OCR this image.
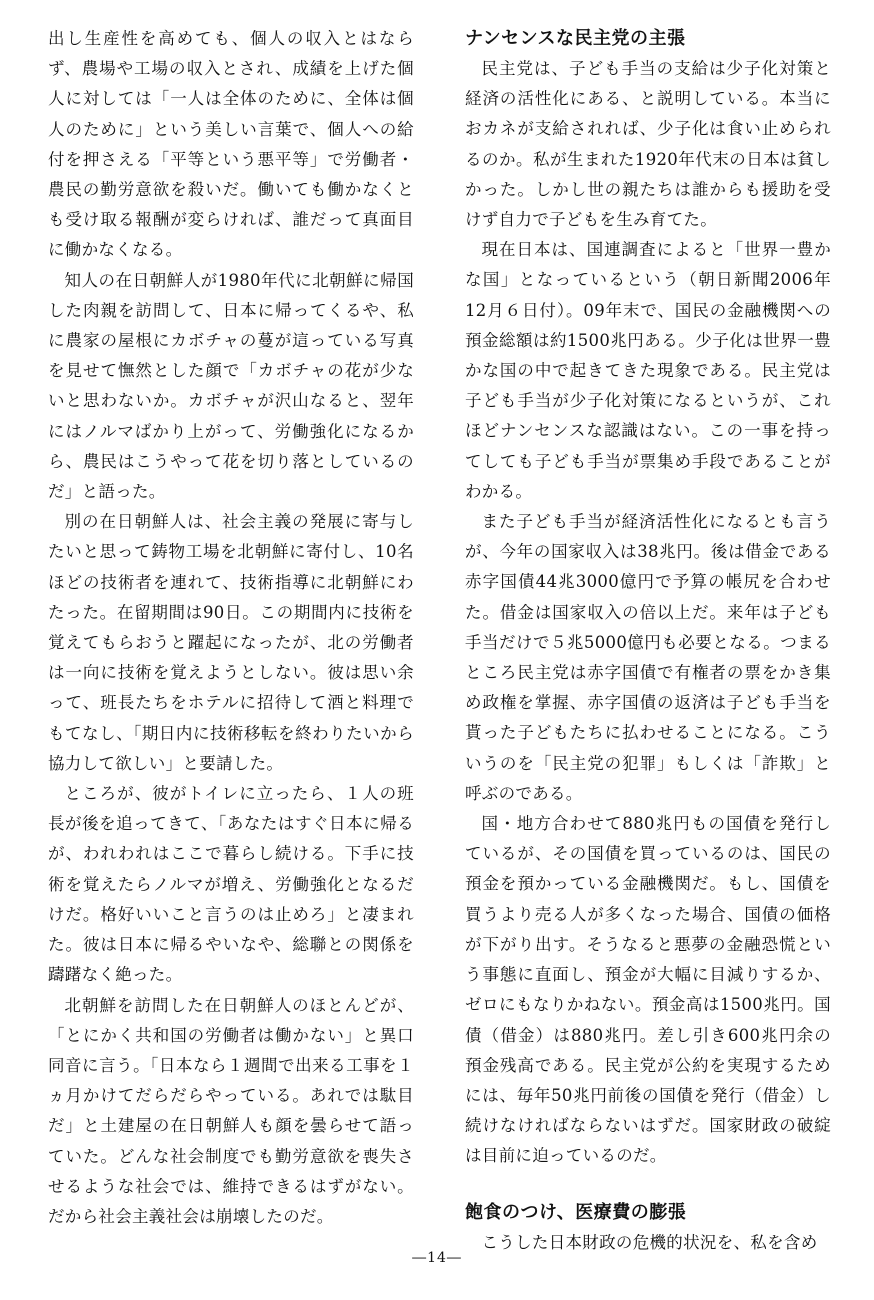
出し生産性を高めても、個人の収入とはならず、農場や工場の収入とされ、成績を上げた個人に対しては「一人は全体のために、全体は個人のために」という美しい言葉で、個人への給付を押さえる「平等という悪平等」で労働者・農民の勤労意欲を殺いだ。働いても働かなくとも受け取る報酬が変らければ、誰だって真面目に働かなくなる。

知人の在日朝鮮人が1980年代に北朝鮮に帰国した肉親を訪問して、日本に帰ってくるや、私に農家の屋根にカボチャの蔓が這っている写真を見せて憮然とした顔で「カボチャの花が少ないと思わないか。カボチャが沢山なると、翌年にはノルマばかり上がって、労働強化になるから、農民はこうやって花を切り落としているのだ」と語った。

別の在日朝鮮人は、社会主義の発展に寄与したいと思って鋳物工場を北朝鮮に寄付し、10名ほどの技術者を連れて、技術指導に北朝鮮にわたった。在留期間は90日。この期間内に技術を覚えてもらおうと躍起になったが、北の労働者は一向に技術を覚えようとしない。彼は思い余って、班長たちをホテルに招待して酒と料理でもてなし、「期日内に技術移転を終わりたいから協力して欲しい」と要請した。

ところが、彼がトイレに立ったら、１人の班長が後を追ってきて、「あなたはすぐ日本に帰るが、われわれはここで暮らし続ける。下手に技術を覚えたらノルマが増え、労働強化となるだけだ。格好いいこと言うのは止めろ」と凄まれた。彼は日本に帰るやいなや、総聯との関係を躊躇なく絶った。

北朝鮮を訪問した在日朝鮮人のほとんどが、「とにかく共和国の労働者は働かない」と異口同音に言う。「日本なら１週間で出来る工事を１ヵ月かけてだらだらやっている。あれでは駄目だ」と土建屋の在日朝鮮人も顔を曇らせて語っていた。どんな社会制度でも勤労意欲を喪失させるような社会では、維持できるはずがない。だから社会主義社会は崩壊したのだ。

ナンセンスな民主党の主張

民主党は、子ども手当の支給は少子化対策と経済の活性化にある、と説明している。本当におカネが支給されれば、少子化は食い止められるのか。私が生まれた1920年代末の日本は貧しかった。しかし世の親たちは誰からも援助を受けず自力で子どもを生み育てた。

現在日本は、国連調査によると「世界一豊かな国」となっているという（朝日新聞2006年12月６日付）。09年末で、国民の金融機関への預金総額は約1500兆円ある。少子化は世界一豊かな国の中で起きてきた現象である。民主党は子ども手当が少子化対策になるというが、これほどナンセンスな認識はない。この一事を持ってしても子ども手当が票集め手段であることがわかる。

また子ども手当が経済活性化になるとも言うが、今年の国家収入は38兆円。後は借金である赤字国債44兆3000億円で予算の帳尻を合わせた。借金は国家収入の倍以上だ。来年は子ども手当だけで５兆5000億円も必要となる。つまるところ民主党は赤字国債で有権者の票をかき集め政権を掌握、赤字国債の返済は子ども手当を貰った子どもたちに払わせることになる。こういうのを「民主党の犯罪」もしくは「詐欺」と呼ぶのである。

国・地方合わせて880兆円もの国債を発行しているが、その国債を買っているのは、国民の預金を預かっている金融機関だ。もし、国債を買うより売る人が多くなった場合、国債の価格が下がり出す。そうなると悪夢の金融恐慌という事態に直面し、預金が大幅に目減りするか、ゼロにもなりかねない。預金高は1500兆円。国債（借金）は880兆円。差し引き600兆円余の預金残高である。民主党が公約を実現するためには、毎年50兆円前後の国債を発行（借金）し続けなければならないはずだ。国家財政の破綻は目前に迫っているのだ。

飽食のつけ、医療費の膨張

こうした日本財政の危機的状況を、私を含め

―14―
